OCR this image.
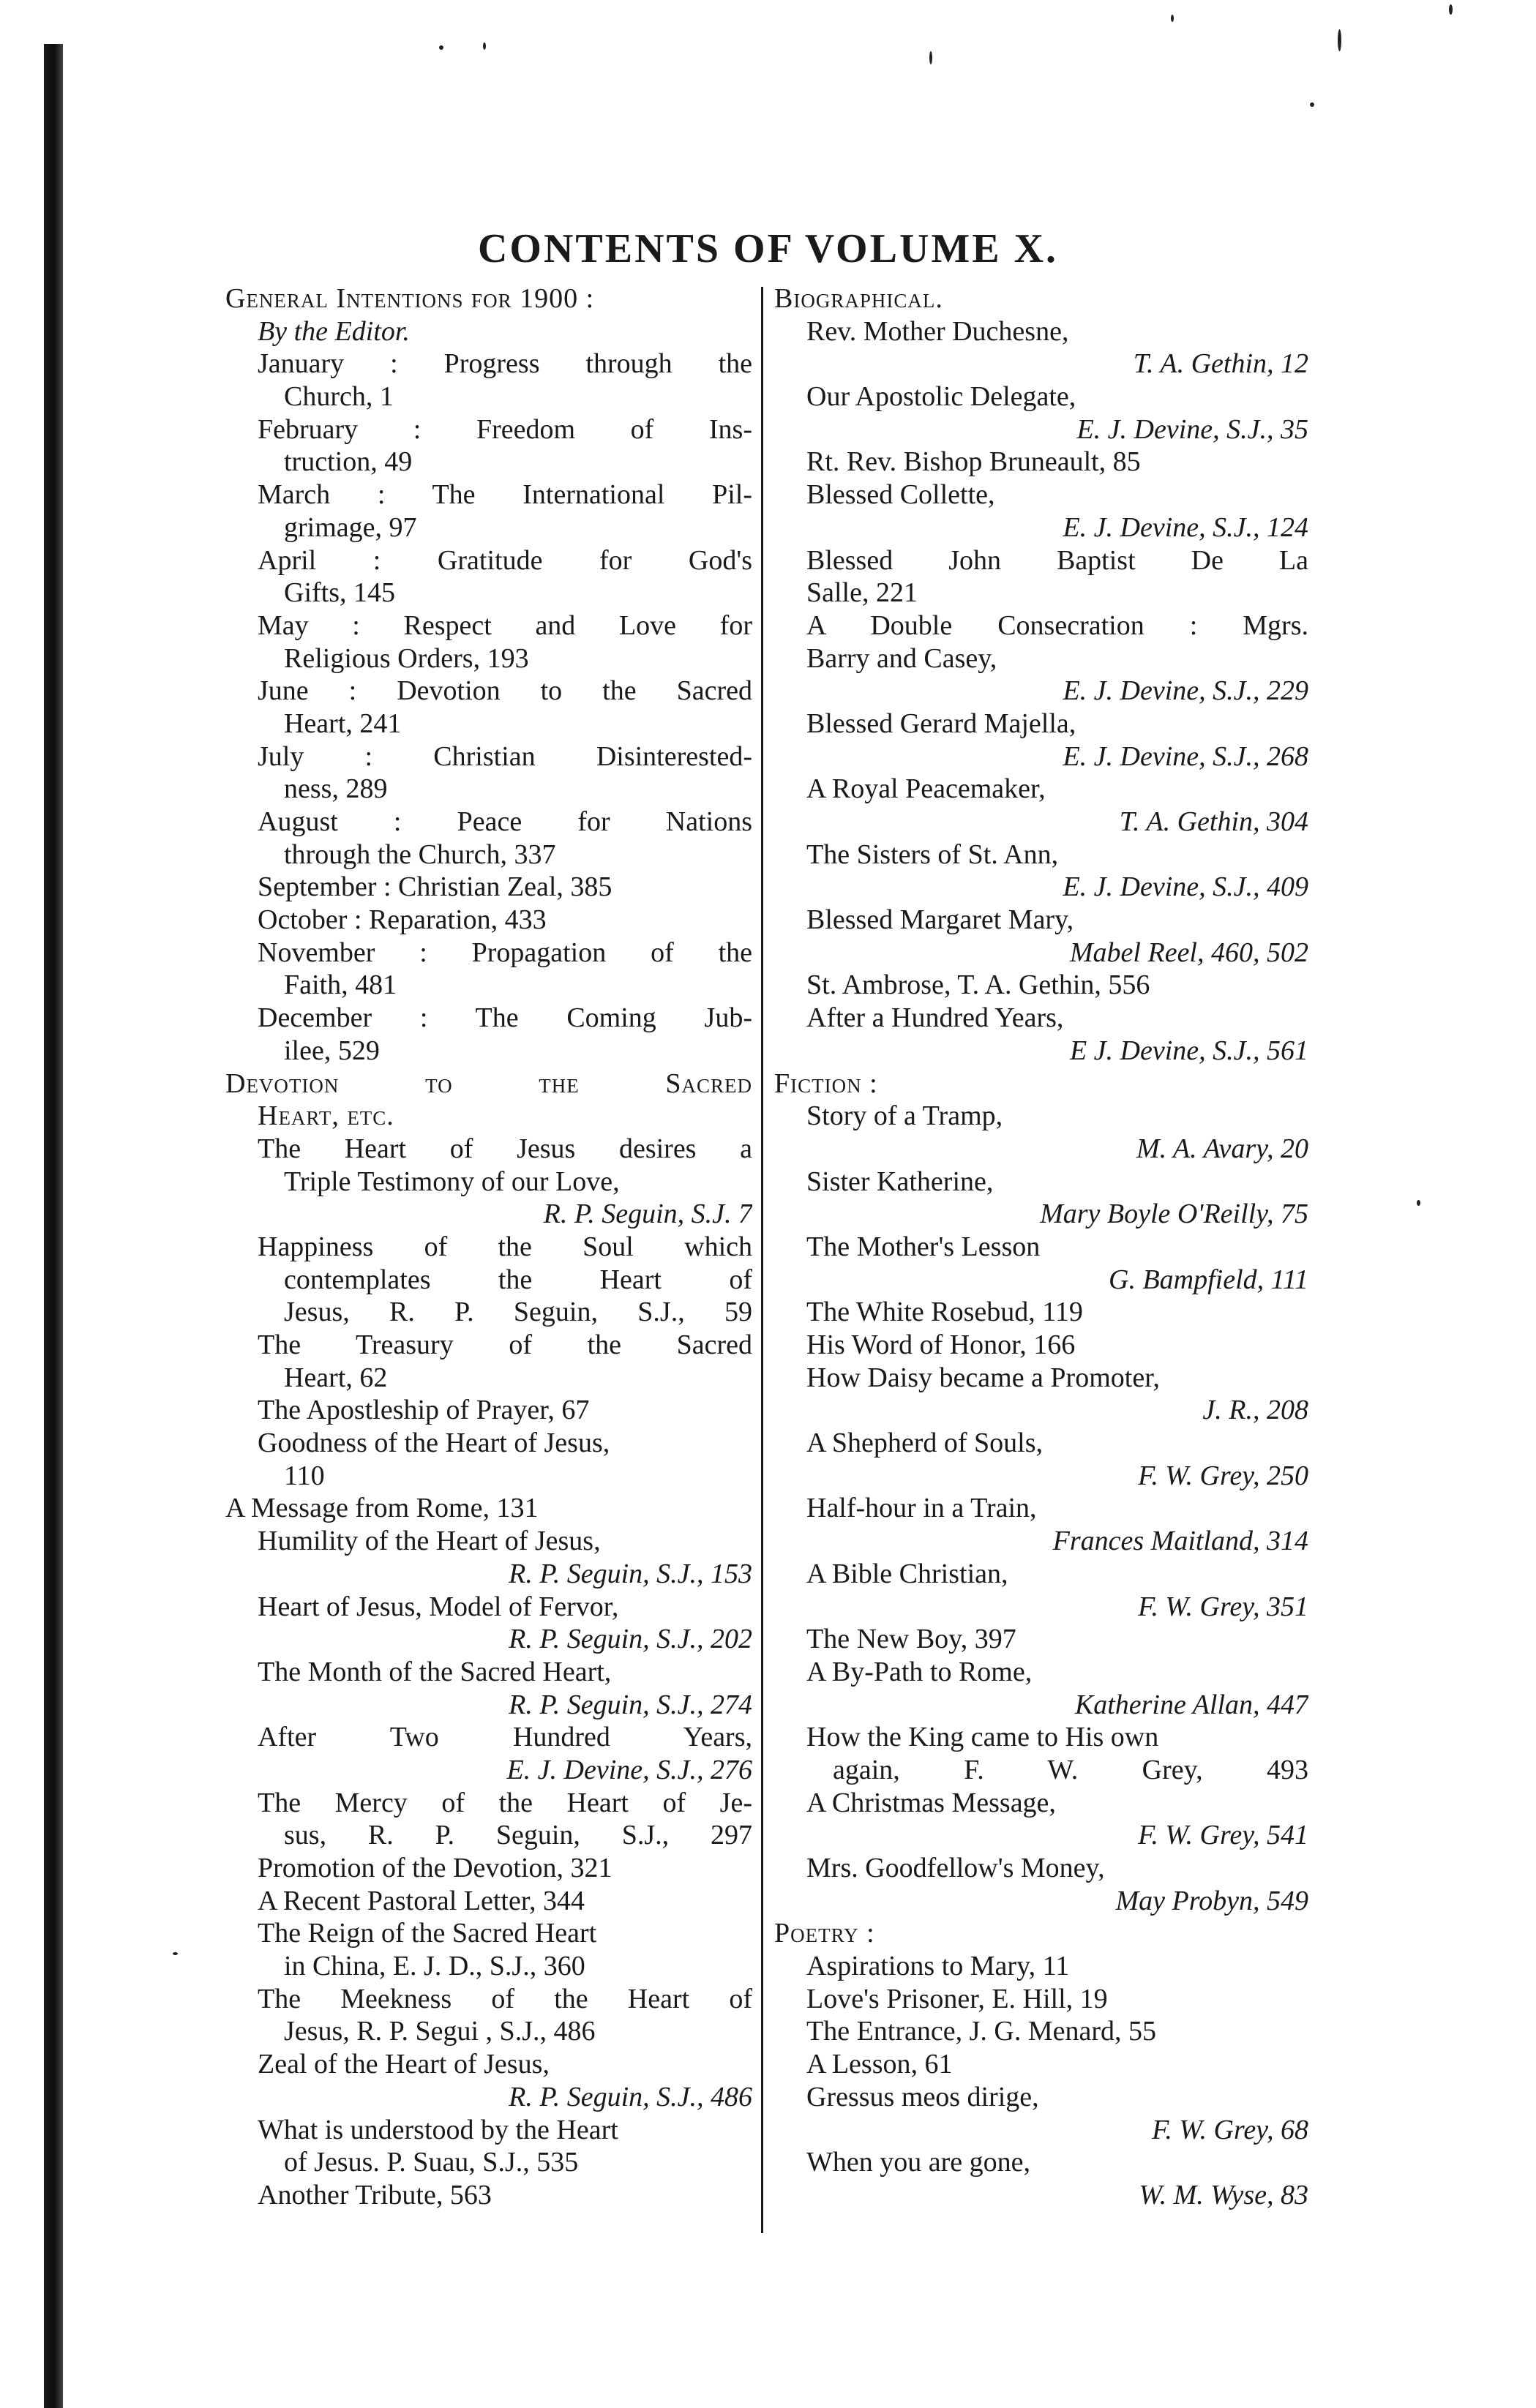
CONTENTS OF VOLUME X.
General Intentions for 1900 :
By the Editor.
January : Progress through the
Church, 1
February : Freedom of Ins-
truction, 49
March : The International Pil-
grimage, 97
April : Gratitude for God's
Gifts, 145
May : Respect and Love for
Religious Orders, 193
June : Devotion to the Sacred
Heart, 241
July : Christian Disinterested-
ness, 289
August : Peace for Nations
through the Church, 337
September : Christian Zeal, 385
October : Reparation, 433
November : Propagation of the
Faith, 481
December : The Coming Jub-
ilee, 529
Devotion to the Sacred
Heart, etc.
The Heart of Jesus desires a
Triple Testimony of our Love,
R. P. Seguin, S.J. 7
Happiness of the Soul which
contemplates the Heart of
Jesus, R. P. Seguin, S.J., 59
The Treasury of the Sacred
Heart, 62
The Apostleship of Prayer, 67
Goodness of the Heart of Jesus,
110
A Message from Rome, 131
Humility of the Heart of Jesus,
R. P. Seguin, S.J., 153
Heart of Jesus, Model of Fervor,
R. P. Seguin, S.J., 202
The Month of the Sacred Heart,
R. P. Seguin, S.J., 274
After Two Hundred Years,
E. J. Devine, S.J., 276
The Mercy of the Heart of Je-
sus, R. P. Seguin, S.J., 297
Promotion of the Devotion, 321
A Recent Pastoral Letter, 344
The Reign of the Sacred Heart
in China, E. J. D., S.J., 360
The Meekness of the Heart of
Jesus, R. P. Segui , S.J., 486
Zeal of the Heart of Jesus,
R. P. Seguin, S.J., 486
What is understood by the Heart
of Jesus. P. Suau, S.J., 535
Another Tribute, 563
Biographical.
Rev. Mother Duchesne,
T. A. Gethin, 12
Our Apostolic Delegate,
E. J. Devine, S.J., 35
Rt. Rev. Bishop Bruneault, 85
Blessed Collette,
E. J. Devine, S.J., 124
Blessed John Baptist De La
Salle, 221
A Double Consecration : Mgrs.
Barry and Casey,
E. J. Devine, S.J., 229
Blessed Gerard Majella,
E. J. Devine, S.J., 268
A Royal Peacemaker,
T. A. Gethin, 304
The Sisters of St. Ann,
E. J. Devine, S.J., 409
Blessed Margaret Mary,
Mabel Reel, 460, 502
St. Ambrose, T. A. Gethin, 556
After a Hundred Years,
E J. Devine, S.J., 561
Fiction :
Story of a Tramp,
M. A. Avary, 20
Sister Katherine,
Mary Boyle O'Reilly, 75
The Mother's Lesson
G. Bampfield, 111
The White Rosebud, 119
His Word of Honor, 166
How Daisy became a Promoter,
J. R., 208
A Shepherd of Souls,
F. W. Grey, 250
Half-hour in a Train,
Frances Maitland, 314
A Bible Christian,
F. W. Grey, 351
The New Boy, 397
A By-Path to Rome,
Katherine Allan, 447
How the King came to His own
again, F. W. Grey, 493
A Christmas Message,
F. W. Grey, 541
Mrs. Goodfellow's Money,
May Probyn, 549
Poetry :
Aspirations to Mary, 11
Love's Prisoner, E. Hill, 19
The Entrance, J. G. Menard, 55
A Lesson, 61
Gressus meos dirige,
F. W. Grey, 68
When you are gone,
W. M. Wyse, 83
